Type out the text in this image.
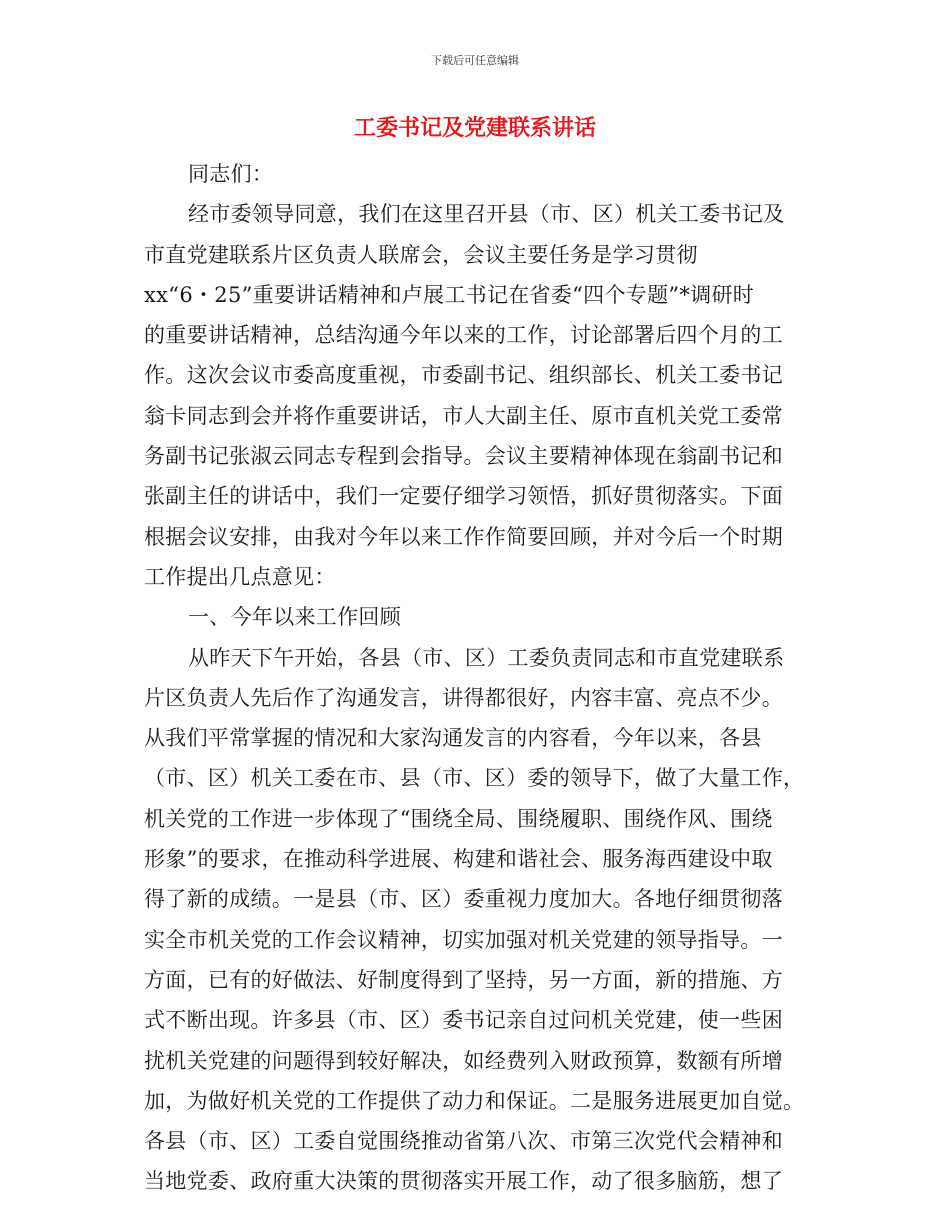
下载后可任意编辑
工委书记及党建联系讲话
同志们：
经市委领导同意，我们在这里召开县（市、区）机关工委书记及
市直党建联系片区负责人联席会，会议主要任务是学习贯彻
xx“6・25”重要讲话精神和卢展工书记在省委“四个专题”*调研时
的重要讲话精神，总结沟通今年以来的工作，讨论部署后四个月的工
作。这次会议市委高度重视，市委副书记、组织部长、机关工委书记
翁卡同志到会并将作重要讲话，市人大副主任、原市直机关党工委常
务副书记张淑云同志专程到会指导。会议主要精神体现在翁副书记和
张副主任的讲话中，我们一定要仔细学习领悟，抓好贯彻落实。下面
根据会议安排，由我对今年以来工作作简要回顾，并对今后一个时期
工作提出几点意见：
一、今年以来工作回顾
从昨天下午开始，各县（市、区）工委负责同志和市直党建联系
片区负责人先后作了沟通发言，讲得都很好，内容丰富、亮点不少。
从我们平常掌握的情况和大家沟通发言的内容看，今年以来，各县
（市、区）机关工委在市、县（市、区）委的领导下，做了大量工作，
机关党的工作进一步体现了“围绕全局、围绕履职、围绕作风、围绕
形象”的要求，在推动科学进展、构建和谐社会、服务海西建设中取
得了新的成绩。一是县（市、区）委重视力度加大。各地仔细贯彻落
实全市机关党的工作会议精神，切实加强对机关党建的领导指导。一
方面，已有的好做法、好制度得到了坚持，另一方面，新的措施、方
式不断出现。许多县（市、区）委书记亲自过问机关党建，使一些困
扰机关党建的问题得到较好解决，如经费列入财政预算，数额有所增
加，为做好机关党的工作提供了动力和保证。二是服务进展更加自觉。
各县（市、区）工委自觉围绕推动省第八次、市第三次党代会精神和
当地党委、政府重大决策的贯彻落实开展工作，动了很多脑筋，想了
